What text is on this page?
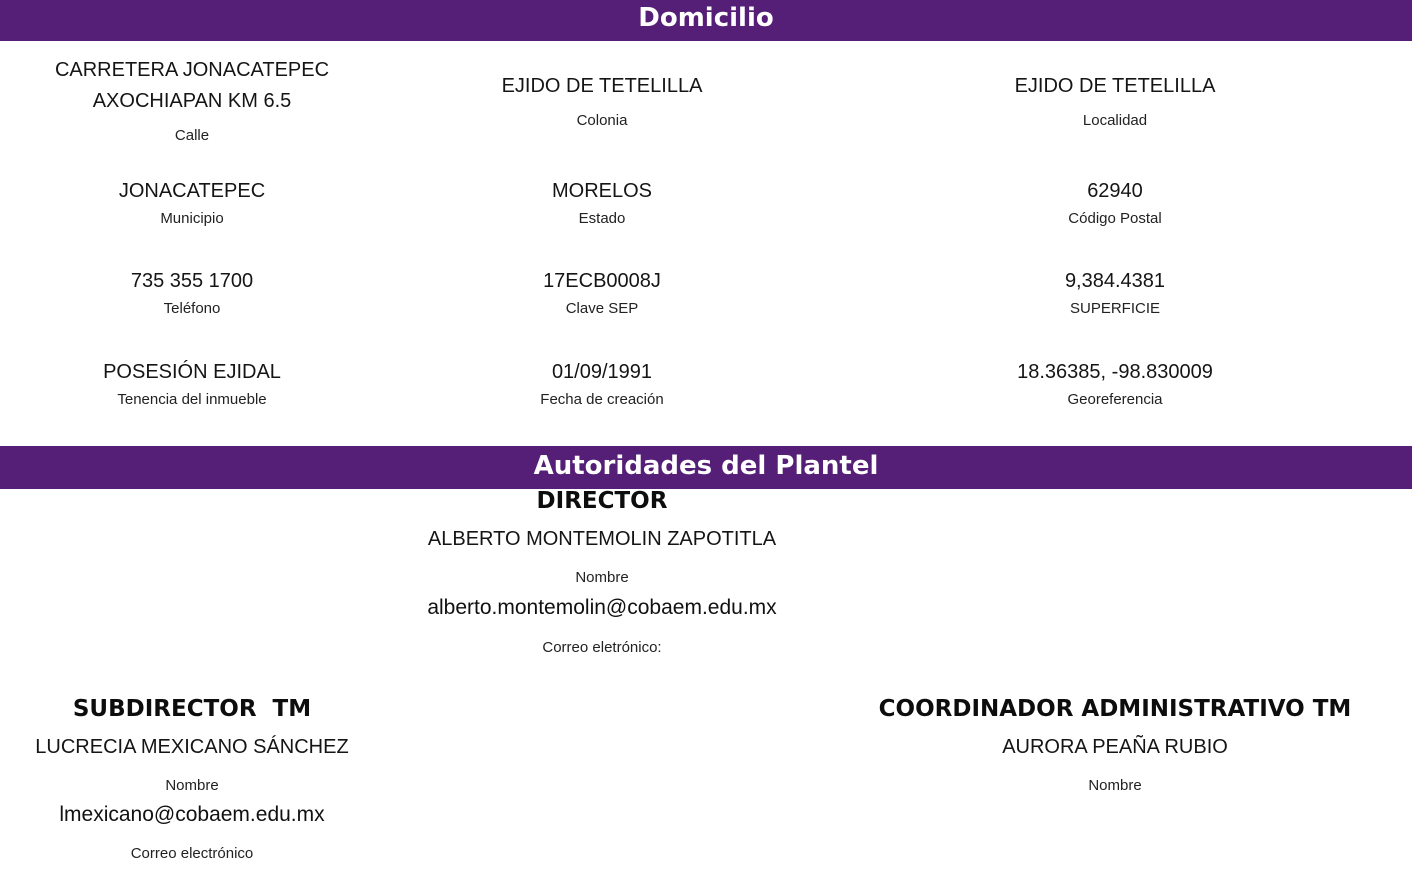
Domicilio
CARRETERA JONACATEPEC AXOCHIAPAN KM 6.5
Calle
EJIDO DE TETELILLA
Colonia
EJIDO DE TETELILLA
Localidad
JONACATEPEC
Municipio
MORELOS
Estado
62940
Código Postal
735 355 1700
Teléfono
17ECB0008J
Clave SEP
9,384.4381
SUPERFICIE
POSESIÓN EJIDAL
Tenencia del inmueble
01/09/1991
Fecha de creación
18.36385, -98.830009
Georeferencia
Autoridades del Plantel
DIRECTOR
ALBERTO MONTEMOLIN ZAPOTITLA
Nombre
alberto.montemolin@cobaem.edu.mx
Correo eletrónico:
SUBDIRECTOR  TM
LUCRECIA MEXICANO SÁNCHEZ
Nombre
lmexicano@cobaem.edu.mx
Correo electrónico
COORDINADOR ADMINISTRATIVO TM
AURORA PEAÑA RUBIO
Nombre
